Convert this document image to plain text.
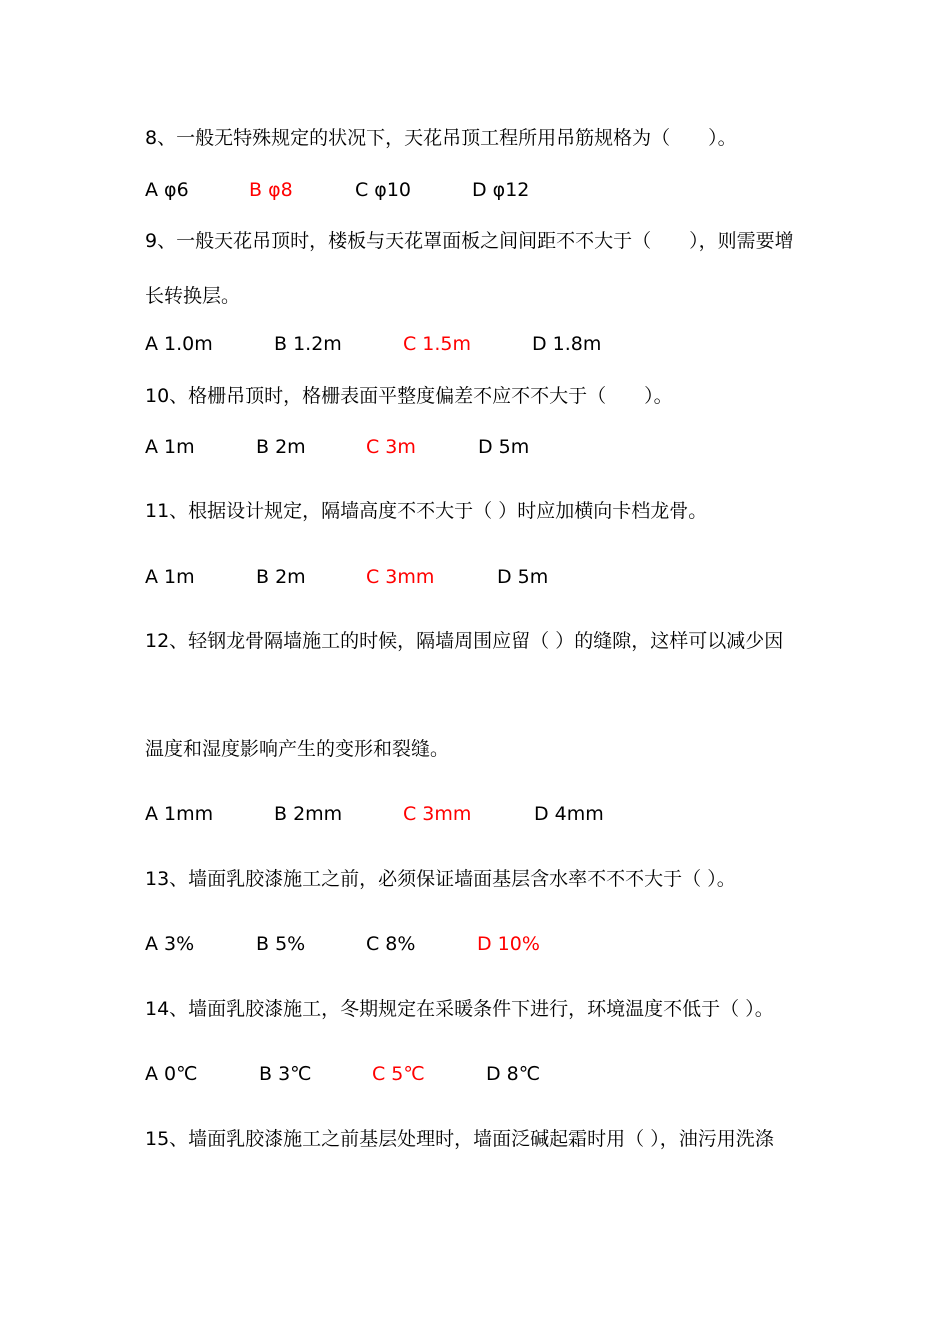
8、一般无特殊规定的状况下，天花吊顶工程所用吊筋规格为（　　）。
A φ6	B φ8	C φ10	D φ12
9、一般天花吊顶时，楼板与天花罩面板之间间距不不大于（　　），则需要增
长转换层。
A 1.0m	B 1.2m	C 1.5m	D 1.8m
10、格栅吊顶时，格栅表面平整度偏差不应不不大于（　　）。
A 1m	B 2m	C 3m	D 5m
11、根据设计规定，隔墙高度不不大于（ ）时应加横向卡档龙骨。
A 1m	B 2m	C 3mm	D 5m
12、轻钢龙骨隔墙施工的时候，隔墙周围应留（ ）的缝隙，这样可以减少因
温度和湿度影响产生的变形和裂缝。
A 1mm	B 2mm	C 3mm	D 4mm
13、墙面乳胶漆施工之前，必须保证墙面基层含水率不不不大于（ ）。
A 3%	B 5%	C 8%	D 10%
14、墙面乳胶漆施工，冬期规定在采暖条件下进行，环境温度不低于（ ）。
A 0℃	B 3℃	C 5℃	D 8℃
15、墙面乳胶漆施工之前基层处理时，墙面泛碱起霜时用（ ），油污用洗涤
